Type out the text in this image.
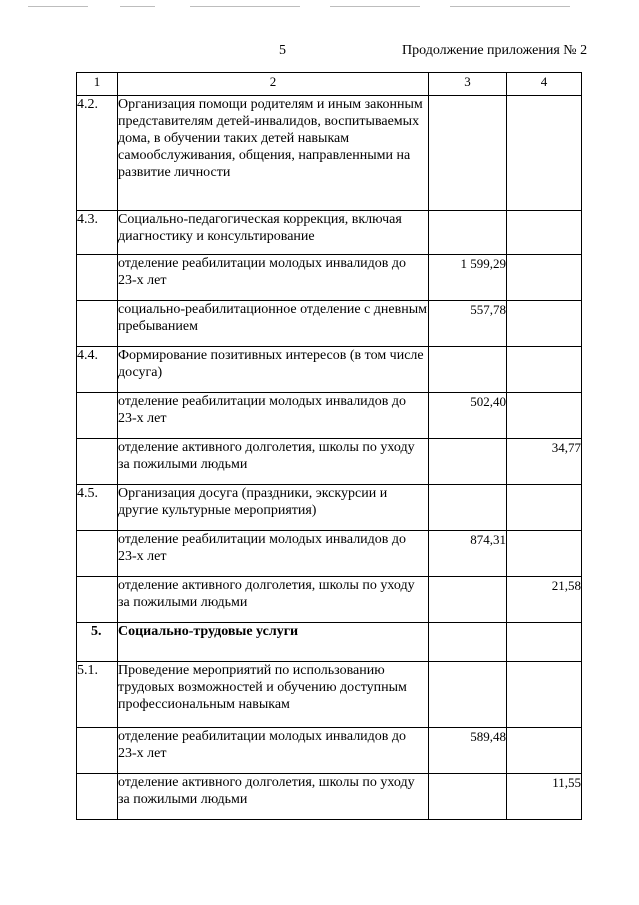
5	Продолжение приложения № 2
1	2	3	4
4.2.	Организация помощи родителям и иным законным представителям детей-инвалидов, воспитываемых дома, в обучении таких детей навыкам самообслуживания, общения, направленными на развитие личности		
4.3.	Социально-педагогическая коррекция, включая диагностику и консультирование		
	отделение реабилитации молодых инвалидов до 23-х лет	1 599,29	
	социально-реабилитационное отделение с дневным пребыванием	557,78	
4.4.	Формирование позитивных интересов (в том числе досуга)		
	отделение реабилитации молодых инвалидов до 23-х лет	502,40	
	отделение активного долголетия, школы по уходу за пожилыми людьми		34,77
4.5.	Организация досуга (праздники, экскурсии и другие культурные мероприятия)		
	отделение реабилитации молодых инвалидов до 23-х лет	874,31	
	отделение активного долголетия, школы по уходу за пожилыми людьми		21,58
5.	Социально-трудовые услуги		
5.1.	Проведение мероприятий по использованию трудовых возможностей и обучению доступным профессиональным навыкам		
	отделение реабилитации молодых инвалидов до 23-х лет	589,48	
	отделение активного долголетия, школы по уходу за пожилыми людьми		11,55
